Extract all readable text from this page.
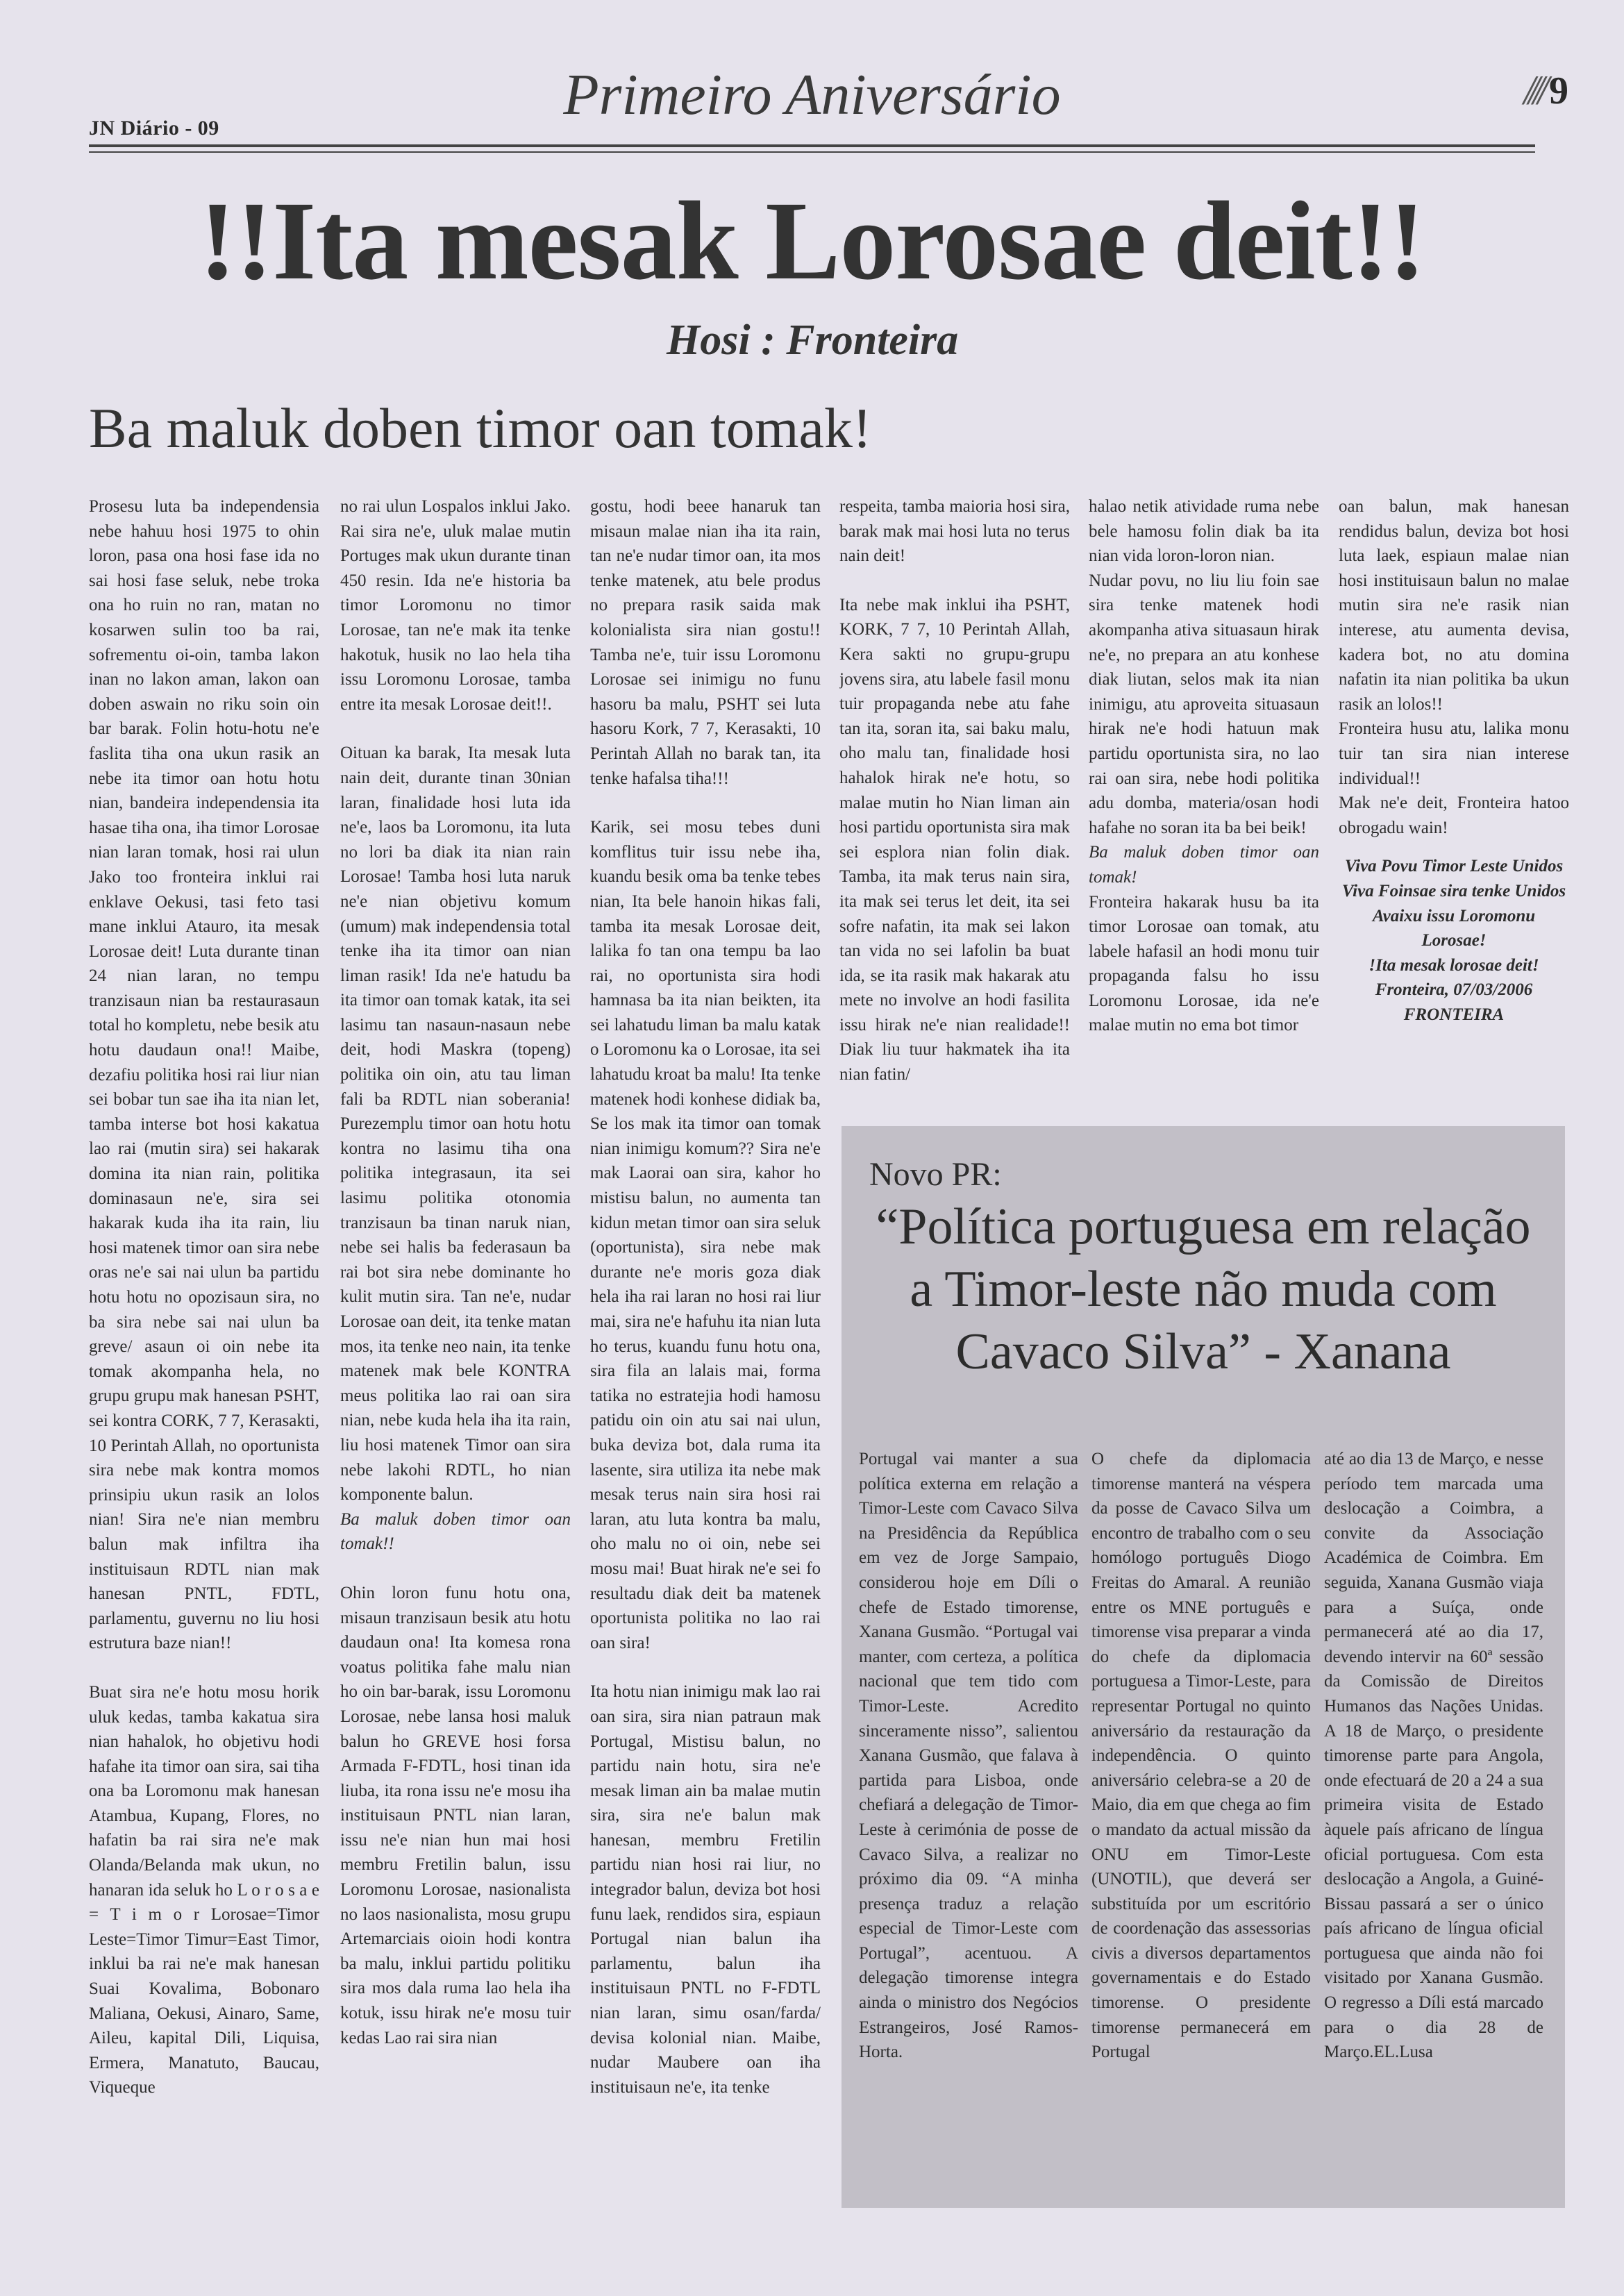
JN Diário - 09
Primeiro Aniversário	//// 9
!!Ita mesak Lorosae deit!!
Hosi : Fronteira
Ba maluk doben timor oan tomak!

Prosesu luta ba independensia nebe hahuu hosi 1975 to ohin loron, pasa ona hosi fase ida no sai hosi fase seluk, nebe troka ona ho ruin no ran, matan no kosarwen sulin too ba rai, sofrementu oi-oin, tamba lakon inan no lakon aman, lakon oan doben aswain no riku soin oin bar barak. Folin hotu-hotu ne'e faslita tiha ona ukun rasik an nebe ita timor oan hotu hotu nian, bandeira independensia ita hasae tiha ona, iha timor Lorosae nian laran tomak, hosi rai ulun Jako too fronteira inklui rai enklave Oekusi, tasi feto tasi mane inklui Atauro, ita mesak Lorosae deit! Luta durante tinan 24 nian laran, no tempu tranzisaun nian ba restaurasaun total ho kompletu, nebe besik atu hotu daudaun ona!! Maibe, dezafiu politika hosi rai liur nian sei bobar tun sae iha ita nian let, tamba interse bot hosi kakatua lao rai (mutin sira) sei hakarak domina ita nian rain, politika dominasaun ne'e, sira sei hakarak kuda iha ita rain, liu hosi matenek timor oan sira nebe oras ne'e sai nai ulun ba partidu hotu hotu no opozisaun sira, no ba sira nebe sai nai ulun ba greve/ asaun oi oin nebe ita tomak akompanha hela, no grupu grupu mak hanesan PSHT, sei kontra CORK, 7 7, Kerasakti, 10 Perintah Allah, no oportunista sira nebe mak kontra momos prinsipiu ukun rasik an lolos nian! Sira ne'e nian membru balun mak infiltra iha instituisaun RDTL nian mak hanesan PNTL, FDTL, parlamentu, guvernu no liu hosi estrutura baze nian!!

Buat sira ne'e hotu mosu horik uluk kedas, tamba kakatua sira nian hahalok, ho objetivu hodi hafahe ita timor oan sira, sai tiha ona ba Loromonu mak hanesan Atambua, Kupang, Flores, no hafatin ba rai sira ne'e mak Olanda/Belanda mak ukun, no hanaran ida seluk ho L o r o s a e = T i m o r Lorosae=Timor Leste=Timor Timur=East Timor, inklui ba rai ne'e mak hanesan Suai Kovalima, Bobonaro Maliana, Oekusi, Ainaro, Same, Aileu, kapital Dili, Liquisa, Ermera, Manatuto, Baucau, Viqueque

no rai ulun Lospalos inklui Jako. Rai sira ne'e, uluk malae mutin Portuges mak ukun durante tinan 450 resin. Ida ne'e historia ba timor Loromonu no timor Lorosae, tan ne'e mak ita tenke hakotuk, husik no lao hela tiha issu Loromonu Lorosae, tamba entre ita mesak Lorosae deit!!.

Oituan ka barak, Ita mesak luta nain deit, durante tinan 30nian laran, finalidade hosi luta ida ne'e, laos ba Loromonu, ita luta no lori ba diak ita nian rain Lorosae! Tamba hosi luta naruk ne'e nian objetivu komum (umum) mak independensia total tenke iha ita timor oan nian liman rasik! Ida ne'e hatudu ba ita timor oan tomak katak, ita sei lasimu tan nasaun-nasaun nebe deit, hodi Maskra (topeng) politika oin oin, atu tau liman fali ba RDTL nian soberania! Purezemplu timor oan hotu hotu kontra no lasimu tiha ona politika integrasaun, ita sei lasimu politika otonomia tranzisaun ba tinan naruk nian, nebe sei halis ba federasaun ba rai bot sira nebe dominante ho kulit mutin sira. Tan ne'e, nudar Lorosae oan deit, ita tenke matan mos, ita tenke neo nain, ita tenke matenek mak bele KONTRA meus politika lao rai oan sira nian, nebe kuda hela iha ita rain, liu hosi matenek Timor oan sira nebe lakohi RDTL, ho nian komponente balun.

Ba maluk doben timor oan tomak!!

Ohin loron funu hotu ona, misaun tranzisaun besik atu hotu daudaun ona! Ita komesa rona voatus politika fahe malu nian ho oin bar-barak, issu Loromonu Lorosae, nebe lansa hosi maluk balun ho GREVE hosi forsa Armada F-FDTL, hosi tinan ida liuba, ita rona issu ne'e mosu iha instituisaun PNTL nian laran, issu ne'e nian hun mai hosi membru Fretilin balun, issu Loromonu Lorosae, nasionalista no laos nasionalista, mosu grupu Artemarciais oioin hodi kontra ba malu, inklui partidu politiku sira mos dala ruma lao hela iha kotuk, issu hirak ne'e mosu tuir kedas Lao rai sira nian

gostu, hodi beee hanaruk tan misaun malae nian iha ita rain, tan ne'e nudar timor oan, ita mos tenke matenek, atu bele produs no prepara rasik saida mak kolonialista sira nian gostu!! Tamba ne'e, tuir issu Loromonu Lorosae sei inimigu no funu hasoru ba malu, PSHT sei luta hasoru Kork, 7 7, Kerasakti, 10 Perintah Allah no barak tan, ita tenke hafalsa tiha!!!

Karik, sei mosu tebes duni komflitus tuir issu nebe iha, kuandu besik oma ba tenke tebes nian, Ita bele hanoin hikas fali, tamba ita mesak Lorosae deit, lalika fo tan ona tempu ba lao rai, no oportunista sira hodi hamnasa ba ita nian beikten, ita sei lahatudu liman ba malu katak o Loromonu ka o Lorosae, ita sei lahatudu kroat ba malu! Ita tenke matenek hodi konhese didiak ba, Se los mak ita timor oan tomak nian inimigu komum?? Sira ne'e mak Laorai oan sira, kahor ho mistisu balun, no aumenta tan kidun metan timor oan sira seluk (oportunista), sira nebe mak durante ne'e moris goza diak hela iha rai laran no hosi rai liur mai, sira ne'e hafuhu ita nian luta ho terus, kuandu funu hotu ona, sira fila an lalais mai, forma tatika no estratejia hodi hamosu patidu oin oin atu sai nai ulun, buka deviza bot, dala ruma ita lasente, sira utiliza ita nebe mak mesak terus nain sira hosi rai laran, atu luta kontra ba malu, oho malu no oi oin, nebe sei mosu mai! Buat hirak ne'e sei fo resultadu diak deit ba matenek oportunista politika no lao rai oan sira!

Ita hotu nian inimigu mak lao rai oan sira, sira nian patraun mak Portugal, Mistisu balun, no partidu nain hotu, sira ne'e mesak liman ain ba malae mutin sira, sira ne'e balun mak hanesan, membru Fretilin partidu nian hosi rai liur, no integrador balun, deviza bot hosi funu laek, rendidos sira, espiaun Portugal nian balun iha parlamentu, balun iha instituisaun PNTL no F-FDTL nian laran, simu osan/farda/ devisa kolonial nian. Maibe, nudar Maubere oan iha instituisaun ne'e, ita tenke

respeita, tamba maioria hosi sira, barak mak mai hosi luta no terus nain deit!

Ita nebe mak inklui iha PSHT, KORK, 7 7, 10 Perintah Allah, Kera sakti no grupu-grupu jovens sira, atu labele fasil monu tuir propaganda nebe atu fahe tan ita, soran ita, sai baku malu, oho malu tan, finalidade hosi hahalok hirak ne'e hotu, so malae mutin ho Nian liman ain hosi partidu oportunista sira mak sei esplora nian folin diak. Tamba, ita mak terus nain sira, ita mak sei terus let deit, ita sei sofre nafatin, ita mak sei lakon tan vida no sei lafolin ba buat ida, se ita rasik mak hakarak atu mete no involve an hodi fasilita issu hirak ne'e nian realidade!! Diak liu tuur hakmatek iha ita nian fatin/

halao netik atividade ruma nebe bele hamosu folin diak ba ita nian vida loron-loron nian.

Nudar povu, no liu liu foin sae sira tenke matenek hodi akompanha ativa situasaun hirak ne'e, no prepara an atu konhese diak liutan, selos mak ita nian inimigu, atu aproveita situasaun hirak ne'e hodi hatuun mak partidu oportunista sira, no lao rai oan sira, nebe hodi politika adu domba, materia/osan hodi hafahe no soran ita ba bei beik!

Ba maluk doben timor oan tomak!

Fronteira hakarak husu ba ita timor Lorosae oan tomak, atu labele hafasil an hodi monu tuir propaganda falsu ho issu Loromonu Lorosae, ida ne'e malae mutin no ema bot timor

oan balun, mak hanesan rendidus balun, deviza bot hosi luta laek, espiaun malae nian hosi instituisaun balun no malae mutin sira ne'e rasik nian interese, atu aumenta devisa, kadera bot, no atu domina nafatin ita nian politika ba ukun rasik an lolos!!

Fronteira husu atu, lalika monu tuir tan sira nian interese individual!!

Mak ne'e deit, Fronteira hatoo obrogadu wain!

Viva Povu Timor Leste Unidos

Viva Foinsae sira tenke Unidos

Avaixu issu Loromonu Lorosae!

!Ita mesak lorosae deit!

Fronteira, 07/03/2006

FRONTEIRA

Novo PR:
“Política portuguesa em relação a Timor-leste não muda com Cavaco Silva” - Xanana

Portugal vai manter a sua política externa em relação a Timor-Leste com Cavaco Silva na Presidência da República em vez de Jorge Sampaio, considerou hoje em Díli o chefe de Estado timorense, Xanana Gusmão. “Portugal vai manter, com certeza, a política nacional que tem tido com Timor-Leste. Acredito sinceramente nisso”, salientou Xanana Gusmão, que falava à partida para Lisboa, onde chefiará a delegação de Timor-Leste à cerimónia de posse de Cavaco Silva, a realizar no próximo dia 09. “A minha presença traduz a relação especial de Timor-Leste com Portugal”, acentuou. A delegação timorense integra ainda o ministro dos Negócios Estrangeiros, José Ramos-Horta.

O chefe da diplomacia timorense manterá na véspera da posse de Cavaco Silva um encontro de trabalho com o seu homólogo português Diogo Freitas do Amaral. A reunião entre os MNE português e timorense visa preparar a vinda do chefe da diplomacia portuguesa a Timor-Leste, para representar Portugal no quinto aniversário da restauração da independência. O quinto aniversário celebra-se a 20 de Maio, dia em que chega ao fim o mandato da actual missão da ONU em Timor-Leste (UNOTIL), que deverá ser substituída por um escritório de coordenação das assessorias civis a diversos departamentos governamentais e do Estado timorense. O presidente timorense permanecerá em Portugal

até ao dia 13 de Março, e nesse período tem marcada uma deslocação a Coimbra, a convite da Associação Académica de Coimbra. Em seguida, Xanana Gusmão viaja para a Suíça, onde permanecerá até ao dia 17, devendo intervir na 60ª sessão da Comissão de Direitos Humanos das Nações Unidas. A 18 de Março, o presidente timorense parte para Angola, onde efectuará de 20 a 24 a sua primeira visita de Estado àquele país africano de língua oficial portuguesa. Com esta deslocação a Angola, a Guiné-Bissau passará a ser o único país africano de língua oficial portuguesa que ainda não foi visitado por Xanana Gusmão. O regresso a Díli está marcado para o dia 28 de Março.EL.Lusa
